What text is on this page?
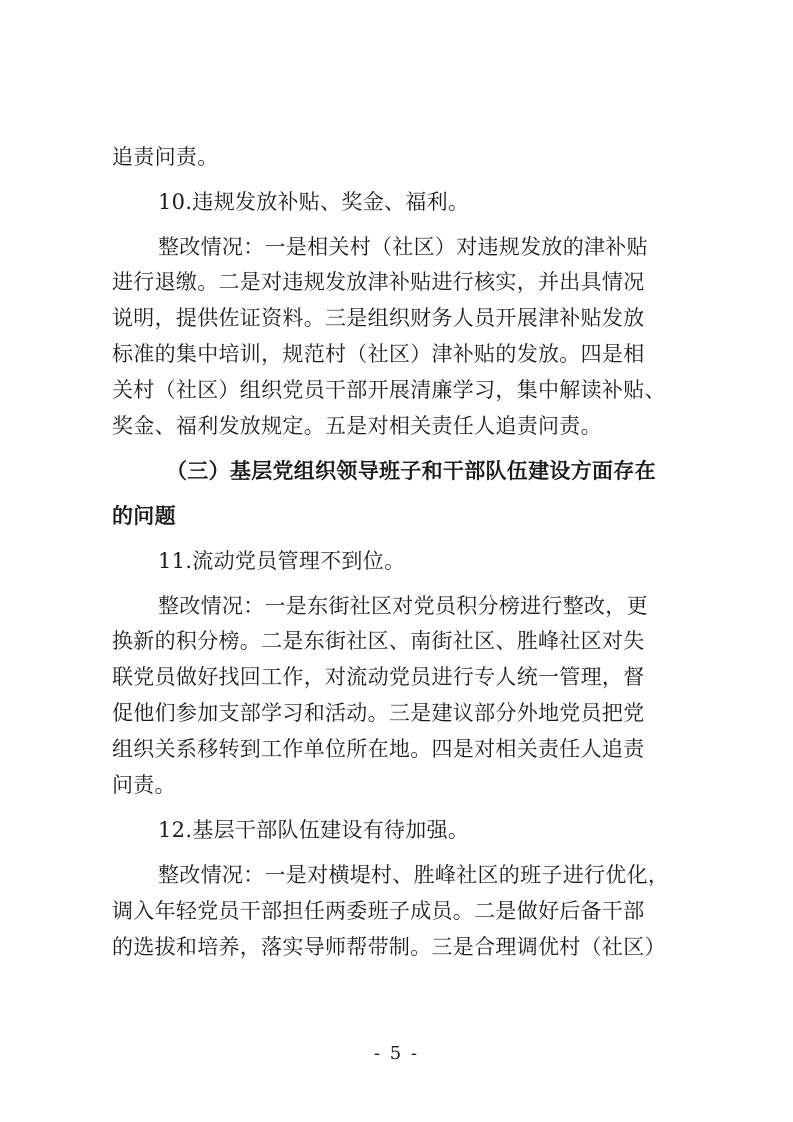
追责问责。
10.违规发放补贴、奖金、福利。
整改情况：一是相关村（社区）对违规发放的津补贴
进行退缴。二是对违规发放津补贴进行核实，并出具情况
说明，提供佐证资料。三是组织财务人员开展津补贴发放
标准的集中培训，规范村（社区）津补贴的发放。四是相
关村（社区）组织党员干部开展清廉学习，集中解读补贴、
奖金、福利发放规定。五是对相关责任人追责问责。
（三）基层党组织领导班子和干部队伍建设方面存在
的问题
11.流动党员管理不到位。
整改情况：一是东街社区对党员积分榜进行整改，更
换新的积分榜。二是东街社区、南街社区、胜峰社区对失
联党员做好找回工作，对流动党员进行专人统一管理，督
促他们参加支部学习和活动。三是建议部分外地党员把党
组织关系移转到工作单位所在地。四是对相关责任人追责
问责。
12.基层干部队伍建设有待加强。
整改情况：一是对横堤村、胜峰社区的班子进行优化，
调入年轻党员干部担任两委班子成员。二是做好后备干部
的选拔和培养，落实导师帮带制。三是合理调优村（社区）
- 5 -
